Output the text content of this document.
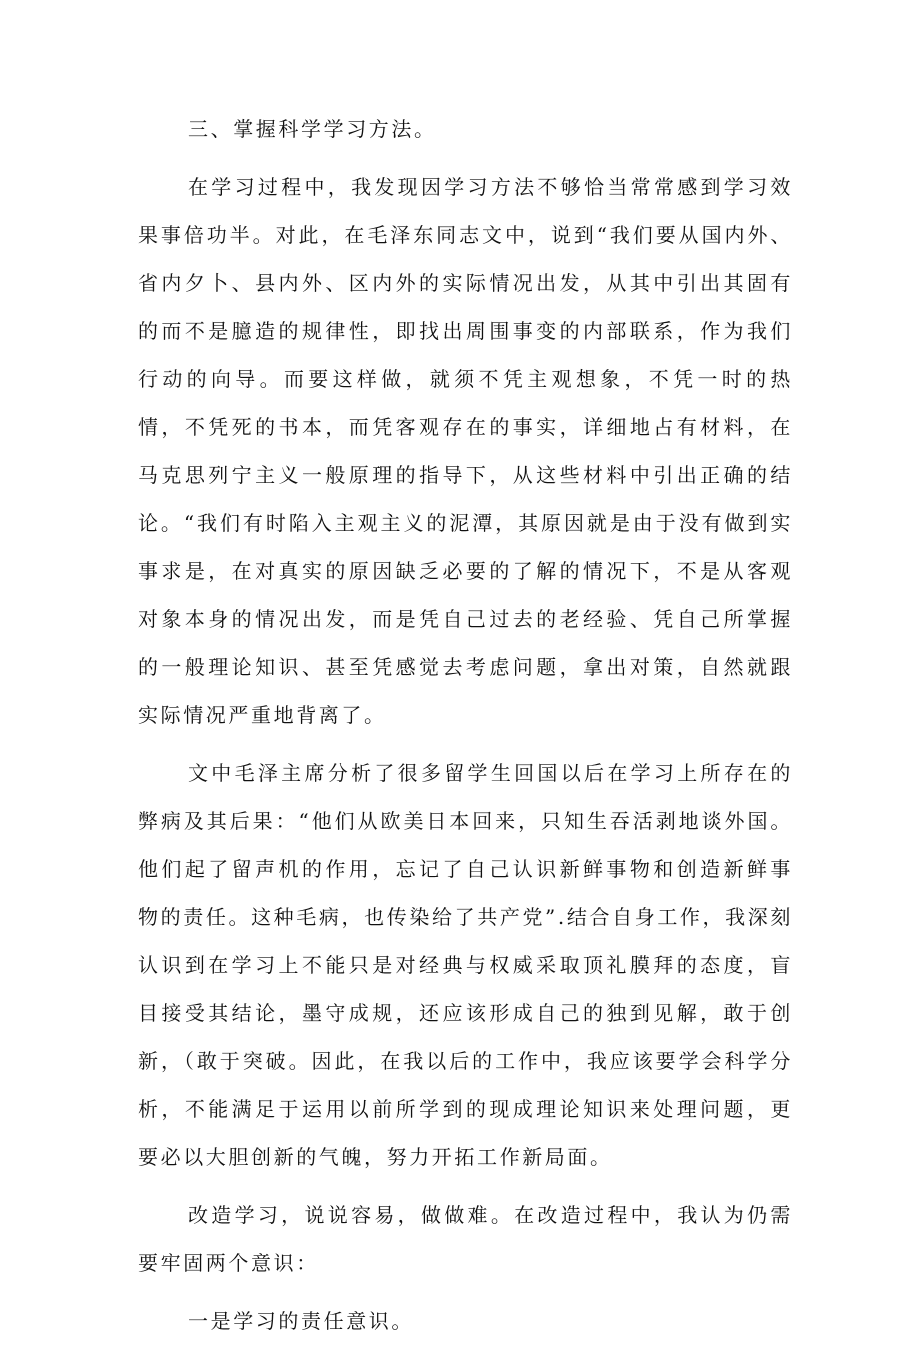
三、掌握科学学习方法。

在学习过程中，我发现因学习方法不够恰当常常感到学习效果事倍功半。对此，在毛泽东同志文中，说到“我们要从国内外、省内夕卜、县内外、区内外的实际情况出发，从其中引出其固有的而不是臆造的规律性，即找出周围事变的内部联系，作为我们行动的向导。而要这样做，就须不凭主观想象，不凭一时的热情，不凭死的书本，而凭客观存在的事实，详细地占有材料，在马克思列宁主义一般原理的指导下，从这些材料中引出正确的结论。“我们有时陷入主观主义的泥潭，其原因就是由于没有做到实事求是，在对真实的原因缺乏必要的了解的情况下，不是从客观对象本身的情况出发，而是凭自己过去的老经验、凭自己所掌握的一般理论知识、甚至凭感觉去考虑问题，拿出对策，自然就跟实际情况严重地背离了。

文中毛泽主席分析了很多留学生回国以后在学习上所存在的弊病及其后果：“他们从欧美日本回来，只知生吞活剥地谈外国。他们起了留声机的作用，忘记了自己认识新鲜事物和创造新鲜事物的责任。这种毛病，也传染给了共产党”.结合自身工作，我深刻认识到在学习上不能只是对经典与权威采取顶礼膜拜的态度，盲目接受其结论，墨守成规，还应该形成自己的独到见解，敢于创新，（敢于突破。因此，在我以后的工作中，我应该要学会科学分析，不能满足于运用以前所学到的现成理论知识来处理问题，更要必以大胆创新的气魄，努力开拓工作新局面。

改造学习，说说容易，做做难。在改造过程中，我认为仍需要牢固两个意识：

一是学习的责任意识。
